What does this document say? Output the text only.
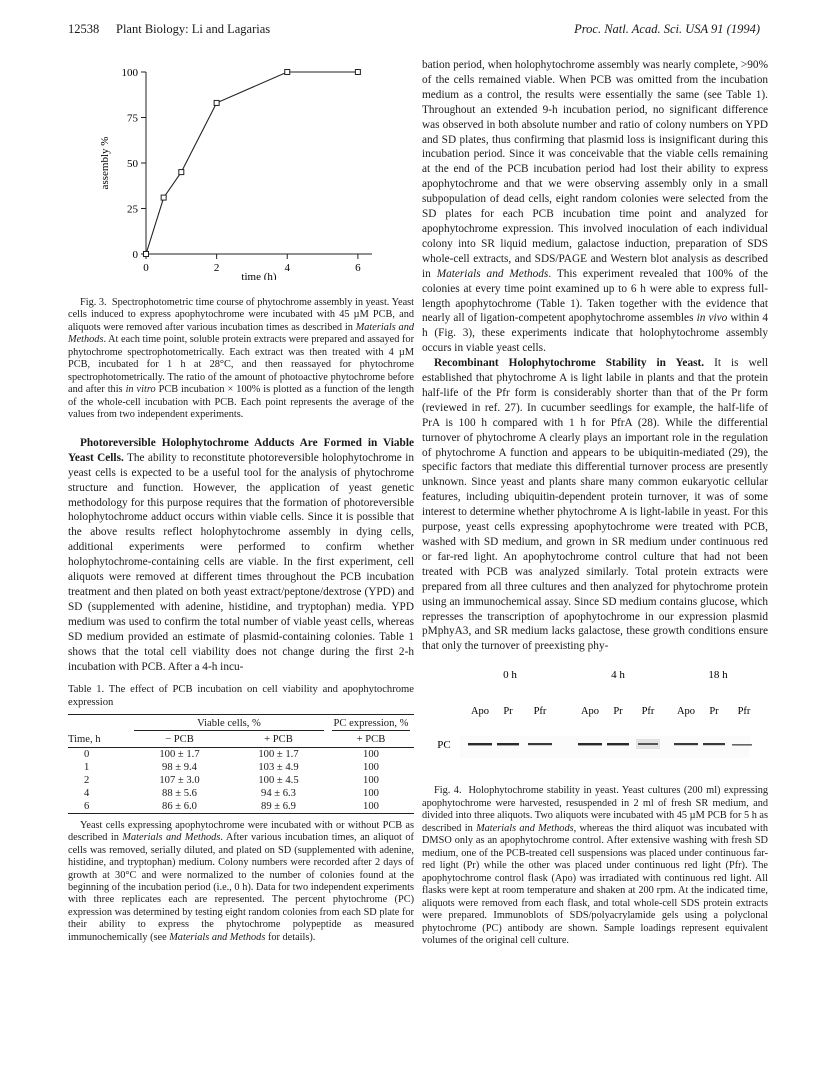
12538 Plant Biology: Li and Lagarias	Proc. Natl. Acad. Sci. USA 91 (1994)
0
25
50
75
100
0	2	4	6
time (h)
assembly %

Fig. 3. Spectrophotometric time course of phytochrome assembly in yeast. Yeast cells induced to express apophytochrome were incubated with 45 µM PCB, and aliquots were removed after various incubation times as described in Materials and Methods. At each time point, soluble protein extracts were prepared and assayed for phytochrome spectrophotometrically. Each extract was then treated with 4 µM PCB, incubated for 1 h at 28°C, and then reassayed for phytochrome spectrophotometrically. The ratio of the amount of photoactive phytochrome before and after this in vitro PCB incubation × 100% is plotted as a function of the length of the whole-cell incubation with PCB. Each point represents the average of the values from two independent experiments.

Photoreversible Holophytochrome Adducts Are Formed in Viable Yeast Cells. The ability to reconstitute photoreversible holophytochrome in yeast cells is expected to be a useful tool for the analysis of phytochrome structure and function. However, the application of yeast genetic methodology for this purpose requires that the formation of photoreversible holophytochrome adduct occurs within viable cells. Since it is possible that the above results reflect holophytochrome assembly in dying cells, additional experiments were performed to confirm whether holophytochrome-containing cells are viable. In the first experiment, cell aliquots were removed at different times throughout the PCB incubation treatment and then plated on both yeast extract/peptone/dextrose (YPD) and SD (supplemented with adenine, histidine, and tryptophan) media. YPD medium was used to confirm the total number of viable yeast cells, whereas SD medium provided an estimate of plasmid-containing colonies. Table 1 shows that the total cell viability does not change during the first 2-h incubation with PCB. After a 4-h incu-

Table 1. The effect of PCB incubation on cell viability and apophytochrome expression

	Viable cells, %		PC expression, %

Time, h	− PCB	+ PCB	+ PCB
0	100 ± 1.7	100 ± 1.7	100
1	98 ± 9.4	103 ± 4.9	100
2	107 ± 3.0	100 ± 4.5	100
4	88 ± 5.6	94 ± 6.3	100
6	86 ± 6.0	89 ± 6.9	100

Yeast cells expressing apophytochrome were incubated with or without PCB as described in Materials and Methods. After various incubation times, an aliquot of cells was removed, serially diluted, and plated on SD (supplemented with adenine, histidine, and tryptophan) medium. Colony numbers were recorded after 2 days of growth at 30°C and were normalized to the number of colonies found at the beginning of the incubation period (i.e., 0 h). Data for two independent experiments with three replicates each are represented. The percent phytochrome (PC) expression was determined by testing eight random colonies from each SD plate for their ability to express the phytochrome polypeptide as measured immunochemically (see Materials and Methods for details).

bation period, when holophytochrome assembly was nearly complete, >90% of the cells remained viable. When PCB was omitted from the incubation medium as a control, the results were essentially the same (see Table 1). Throughout an extended 9-h incubation period, no significant difference was observed in both absolute number and ratio of colony numbers on YPD and SD plates, thus confirming that plasmid loss is insignificant during this incubation period. Since it was conceivable that the viable cells remaining at the end of the PCB incubation period had lost their ability to express apophytochrome and that we were observing assembly only in a small subpopulation of dead cells, eight random colonies were selected from the SD plates for each PCB incubation time point and analyzed for apophytochrome expression. This involved inoculation of each individual colony into SR liquid medium, galactose induction, preparation of SDS whole-cell extracts, and SDS/PAGE and Western blot analysis as described in Materials and Methods. This experiment revealed that 100% of the colonies at every time point examined up to 6 h were able to express full-length apophytochrome (Table 1). Taken together with the evidence that nearly all of ligation-competent apophytochrome assembles in vivo within 4 h (Fig. 3), these experiments indicate that holophytochrome assembly occurs in viable yeast cells.

Recombinant Holophytochrome Stability in Yeast. It is well established that phytochrome A is light labile in plants and that the protein half-life of the Pfr form is considerably shorter than that of the Pr form (reviewed in ref. 27). In cucumber seedlings for example, the half-life of PrA is 100 h compared with 1 h for PfrA (28). While the differential turnover of phytochrome A clearly plays an important role in the regulation of phytochrome A function and appears to be ubiquitin-mediated (29), the specific factors that mediate this differential turnover process are presently unknown. Since yeast and plants share many common eukaryotic cellular features, including ubiquitin-dependent protein turnover, it was of some interest to determine whether phytochrome A is light-labile in yeast. For this purpose, yeast cells expressing apophytochrome were treated with PCB, washed with SD medium, and grown in SR medium under continuous red or far-red light. An apophytochrome control culture that had not been treated with PCB was analyzed similarly. Total protein extracts were prepared from all three cultures and then analyzed for phytochrome protein using an immunochemical assay. Since SD medium contains glucose, which represses the transcription of apophytochrome in our expression plasmid pMphyA3, and SR medium lacks galactose, these growth conditions ensure that only the turnover of preexisting phy-

0 h	4 h	18 h
Apo Pr Pfr	Apo Pr Pfr Apo Pr Pfr
PC

Fig. 4. Holophytochrome stability in yeast. Yeast cultures (200 ml) expressing apophytochrome were harvested, resuspended in 2 ml of fresh SR medium, and divided into three aliquots. Two aliquots were incubated with 45 µM PCB for 5 h as described in Materials and Methods, whereas the third aliquot was incubated with DMSO only as an apophytochrome control. After extensive washing with fresh SD medium, one of the PCB-treated cell suspensions was placed under continuous far-red light (Pr) while the other was placed under continuous red light (Pfr). The apophytochrome control flask (Apo) was irradiated with continuous red light. All flasks were kept at room temperature and shaken at 200 rpm. At the indicated time, aliquots were removed from each flask, and total whole-cell SDS protein extracts were prepared. Immunoblots of SDS/polyacrylamide gels using a polyclonal phytochrome (PC) antibody are shown. Sample loadings represent equivalent volumes of the original cell culture.
